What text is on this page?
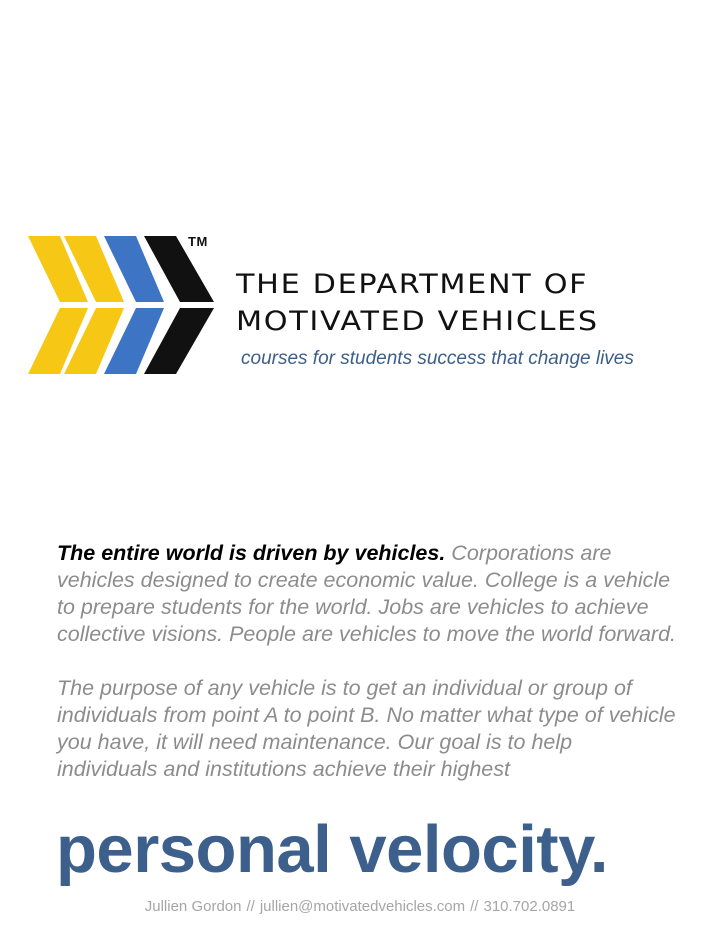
TM
THE DEPARTMENT OF
MOTIVATED VEHICLES
courses for students success that change lives

The entire world is driven by vehicles. Corporations are vehicles designed to create economic value. College is a vehicle to prepare students for the world. Jobs are vehicles to achieve collective visions. People are vehicles to move the world forward.

The purpose of any vehicle is to get an individual or group of individuals from point A to point B. No matter what type of vehicle you have, it will need maintenance. Our goal is to help individuals and institutions achieve their highest

personal velocity.
Jullien Gordon // jullien@motivatedvehicles.com // 310.702.0891
